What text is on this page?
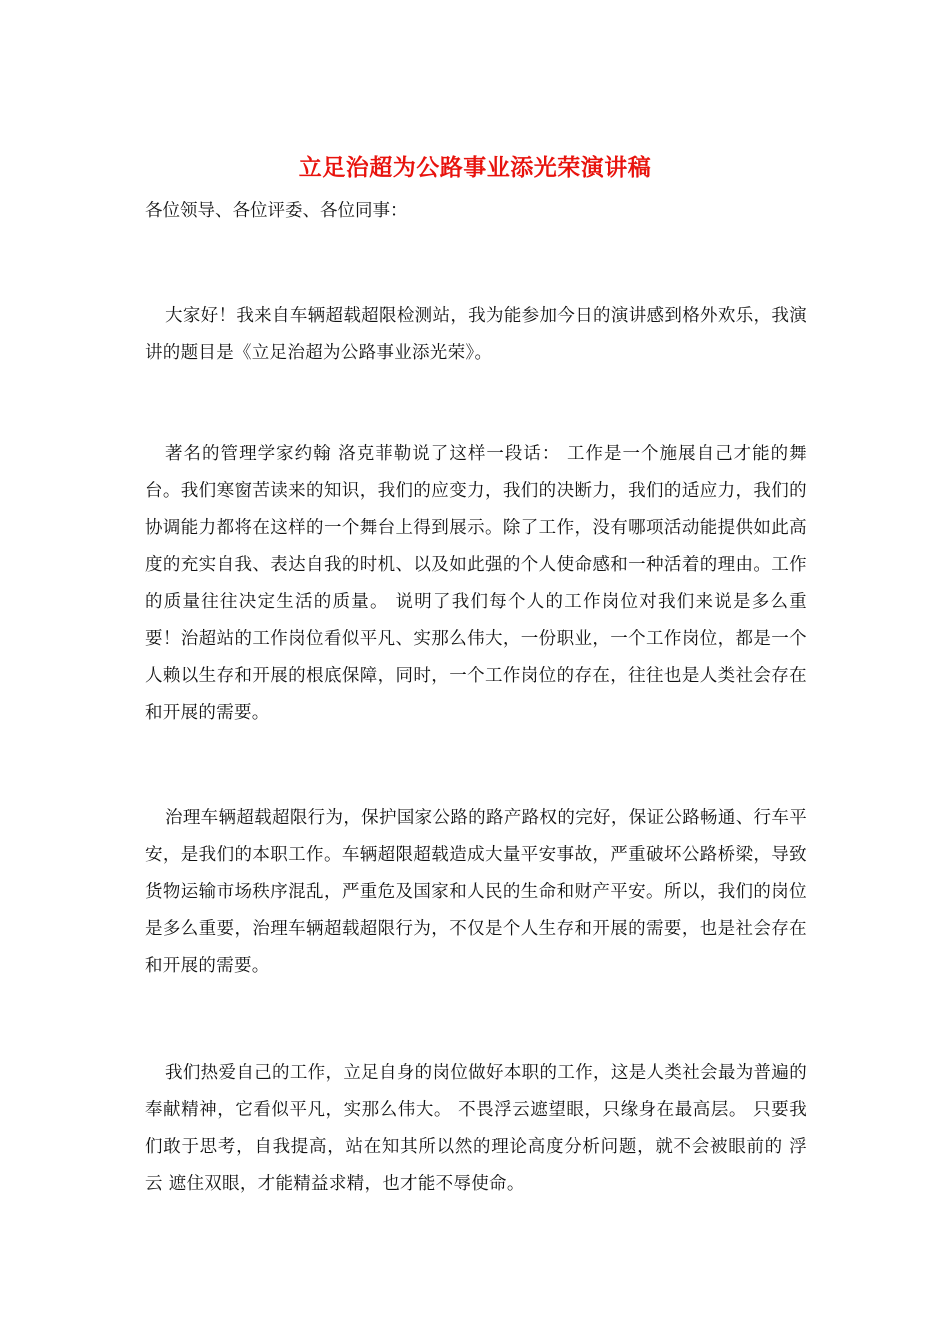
立足治超为公路事业添光荣演讲稿

各位领导、各位评委、各位同事：

大家好！我来自车辆超载超限检测站，我为能参加今日的演讲感到格外欢乐，我演讲的题目是《立足治超为公路事业添光荣》。

著名的管理学家约翰 洛克菲勒说了这样一段话： 工作是一个施展自己才能的舞台。我们寒窗苦读来的知识，我们的应变力，我们的决断力，我们的适应力，我们的协调能力都将在这样的一个舞台上得到展示。除了工作，没有哪项活动能提供如此高度的充实自我、表达自我的时机、以及如此强的个人使命感和一种活着的理由。工作的质量往往决定生活的质量。 说明了我们每个人的工作岗位对我们来说是多么重要！治超站的工作岗位看似平凡、实那么伟大，一份职业，一个工作岗位，都是一个人赖以生存和开展的根底保障，同时，一个工作岗位的存在，往往也是人类社会存在和开展的需要。

治理车辆超载超限行为，保护国家公路的路产路权的完好，保证公路畅通、行车平安，是我们的本职工作。车辆超限超载造成大量平安事故，严重破坏公路桥梁，导致货物运输市场秩序混乱，严重危及国家和人民的生命和财产平安。所以，我们的岗位是多么重要，治理车辆超载超限行为，不仅是个人生存和开展的需要，也是社会存在和开展的需要。

我们热爱自己的工作，立足自身的岗位做好本职的工作，这是人类社会最为普遍的奉献精神，它看似平凡，实那么伟大。 不畏浮云遮望眼，只缘身在最高层。 只要我们敢于思考，自我提高，站在知其所以然的理论高度分析问题，就不会被眼前的 浮云 遮住双眼，才能精益求精，也才能不辱使命。
